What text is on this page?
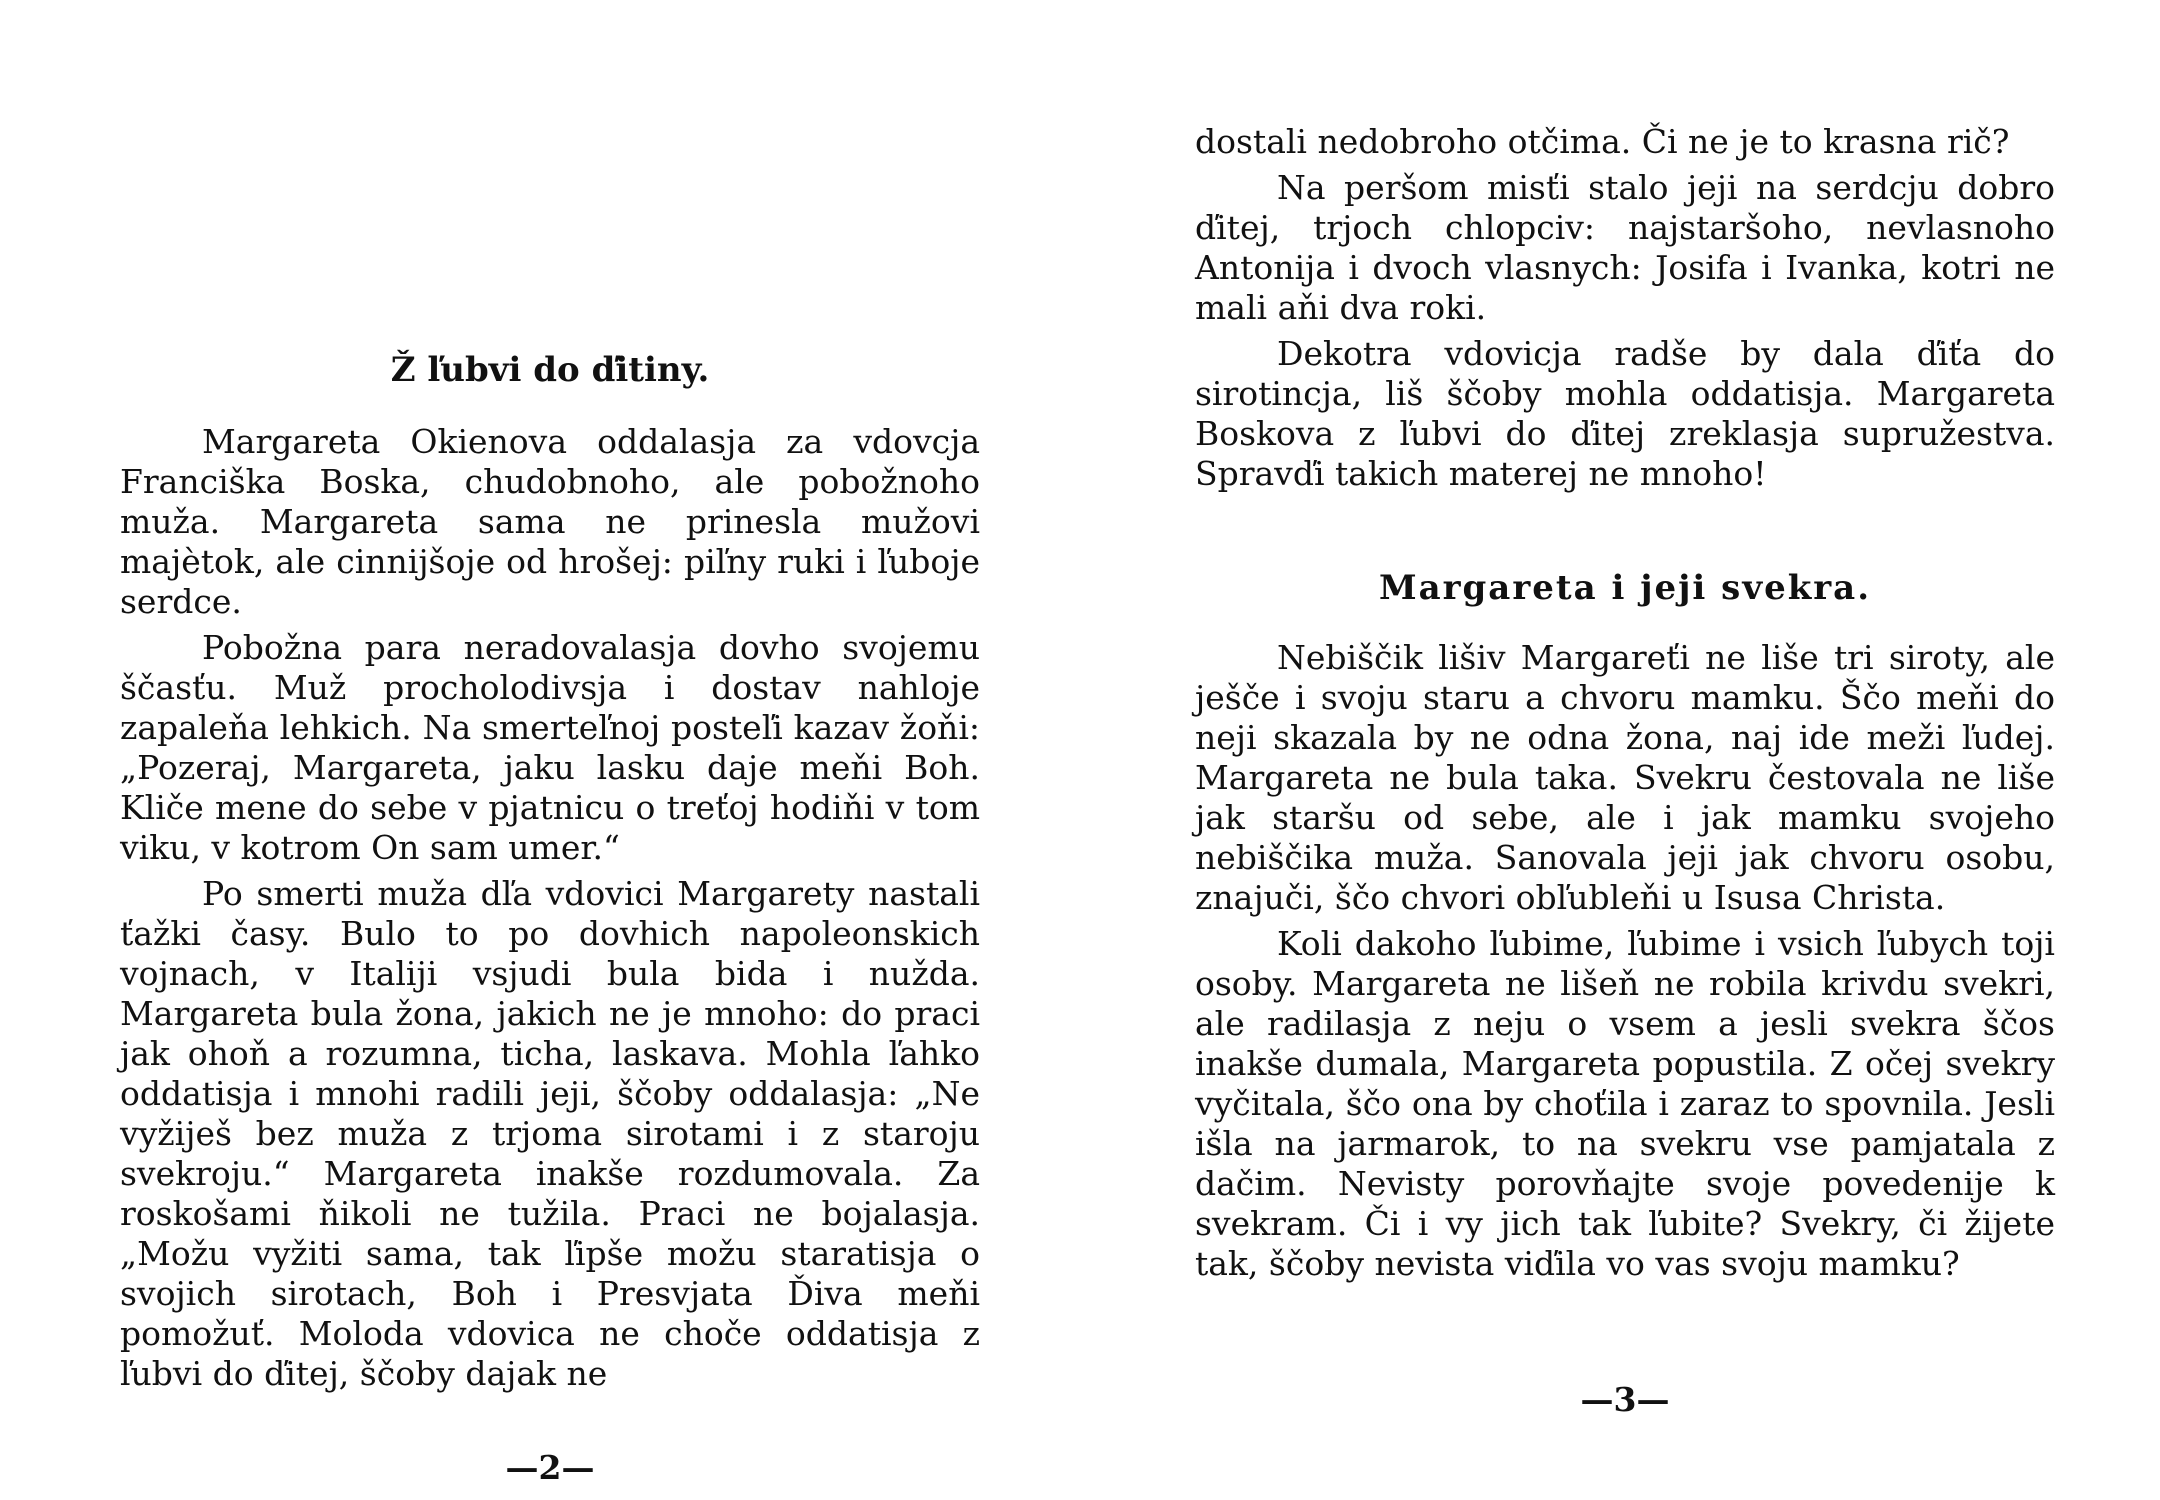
Ž ľubvi do ďitiny.

Margareta Okienova oddalasja za vdovcja Franciška Boska, chudobnoho, ale pobožnoho muža. Margareta sama ne prinesla mužovi majètok, ale cinnijšoje od hrošej: piľny ruki i ľuboje serdce.

Pobožna para neradovalasja dovho svojemu ščasťu. Muž procholodivsja i dostav nahloje zapaleňa lehkich. Na smerteľnoj posteľi kazav žoňi: „Pozeraj, Margareta, jaku lasku daje meňi Boh. Kliče mene do sebe v pjatnicu o treťoj hodiňi v tom viku, v kotrom On sam umer.“

Po smerti muža dľa vdovici Margarety nastali ťažki časy. Bulo to po dovhich napoleonskich vojnach, v Italiji vsjudi bula bida i nužda. Margareta bula žona, jakich ne je mnoho: do praci jak ohoň a rozumna, ticha, laskava. Mohla ľahko oddatisja i mnohi radili jeji, ščoby oddalasja: „Ne vyžiješ bez muža z trjoma sirotami i z staroju svekroju.“ Margareta inakše rozdumovala. Za roskošami ňikoli ne tužila. Praci ne bojalasja. „Možu vyžiti sama, tak ľipše možu staratisja o svojich sirotach, Boh i Presvjata Ďiva meňi pomožuť. Moloda vdovica ne choče oddatisja z ľubvi do ďitej, ščoby dajak ne

—2—

dostali nedobroho otčima. Či ne je to krasna rič?

Na peršom misťi stalo jeji na serdcju dobro ďitej, trjoch chlopciv: najstaršoho, nevlasnoho Antonija i dvoch vlasnych: Josifa i Ivanka, kotri ne mali aňi dva roki.

Dekotra vdovicja radše by dala ďiťa do sirotincja, liš ščoby mohla oddatisja. Margareta Boskova z ľubvi do ďitej zreklasja supružestva. Spravďi takich materej ne mnoho!

Margareta i jeji svekra.

Nebiščik lišiv Margareťi ne liše tri siroty, ale ješče i svoju staru a chvoru mamku. Ščo meňi do neji skazala by ne odna žona, naj ide meži ľudej. Margareta ne bula taka. Svekru čestovala ne liše jak staršu od sebe, ale i jak mamku svojeho nebiščika muža. Sanovala jeji jak chvoru osobu, znajuči, ščo chvori obľubleňi u Isusa Christa.

Koli dakoho ľubime, ľubime i vsich ľubych toji osoby. Margareta ne lišeň ne robila krivdu svekri, ale radilasja z neju o vsem a jesli svekra ščos inakše dumala, Margareta popustila. Z očej svekry vyčitala, ščo ona by choťila i zaraz to spovnila. Jesli išla na jarmarok, to na svekru vse pamjatala z dačim. Nevisty porovňajte svoje povedenije k svekram. Či i vy jich tak ľubite? Svekry, či žijete tak, ščoby nevista viďila vo vas svoju mamku?

—3—
